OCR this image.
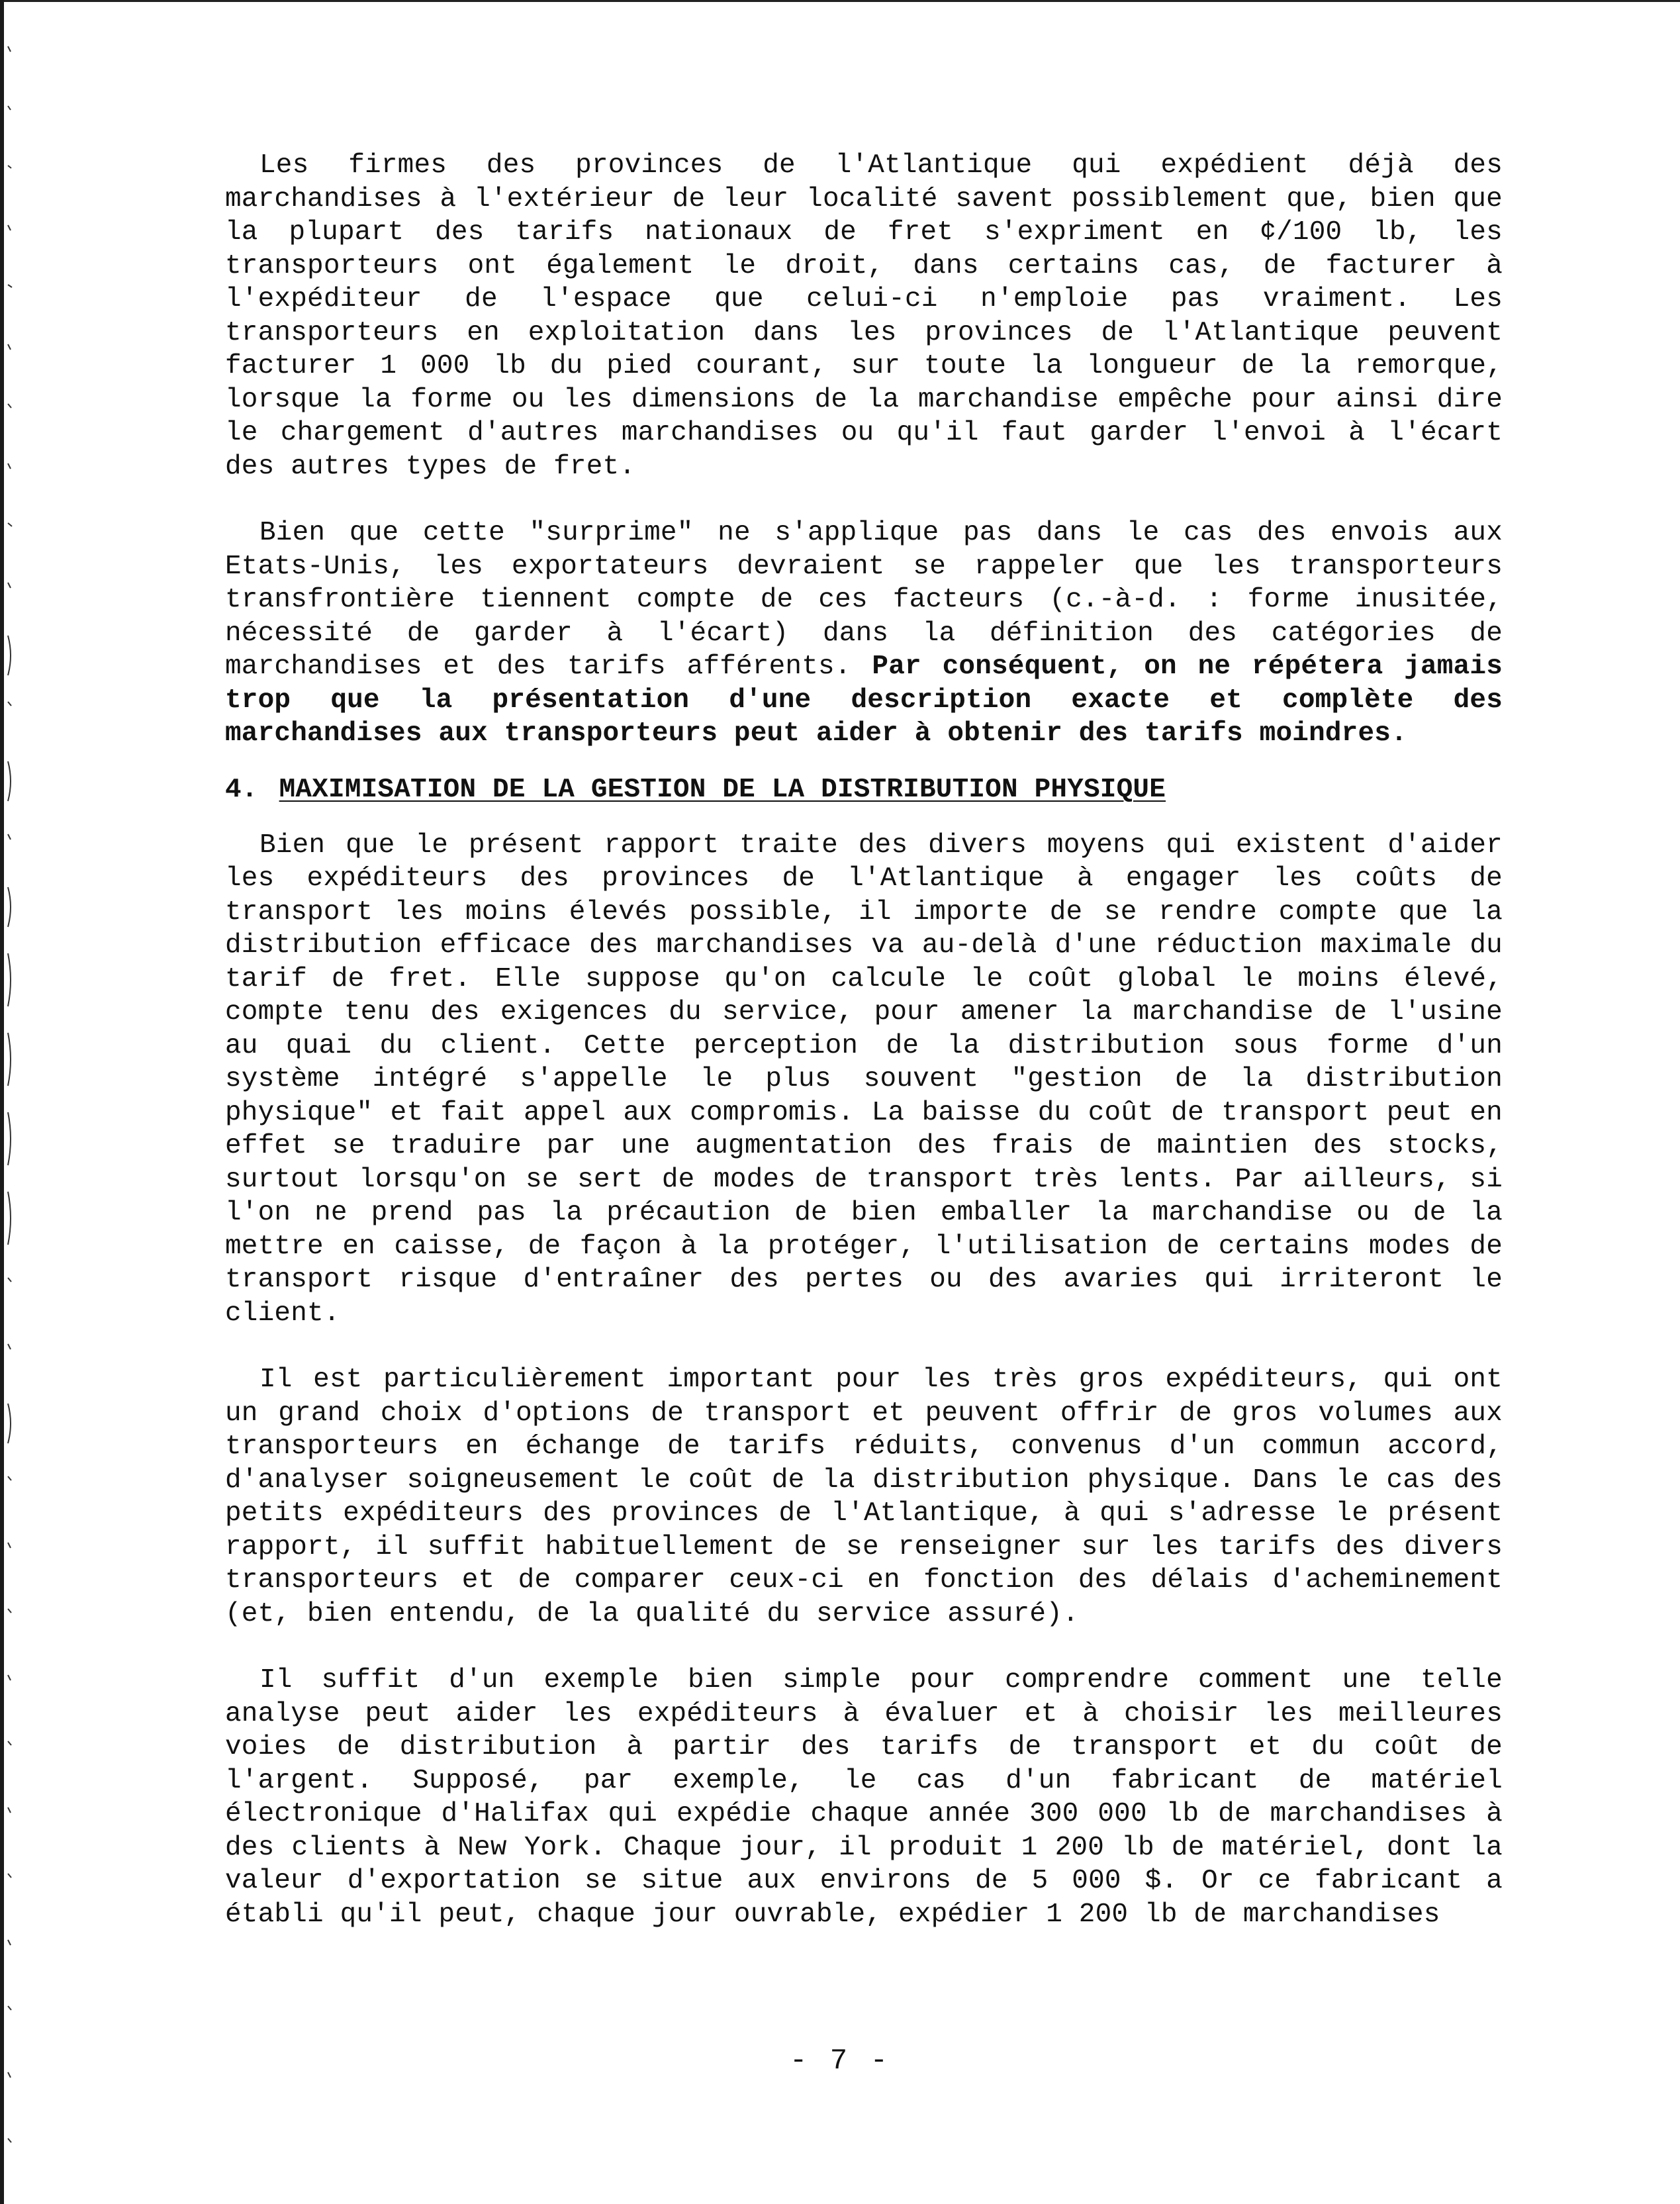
Les firmes des provinces de l'Atlantique qui expédient déjà des marchandises à l'extérieur de leur localité savent possiblement que, bien que la plupart des tarifs nationaux de fret s'expriment en ¢/100 lb, les transporteurs ont également le droit, dans certains cas, de facturer à l'expéditeur de l'espace que celui-ci n'emploie pas vraiment. Les transporteurs en exploitation dans les provinces de l'Atlantique peuvent facturer 1 000 lb du pied courant, sur toute la longueur de la remorque, lorsque la forme ou les dimensions de la marchandise empêche pour ainsi dire le chargement d'autres marchandises ou qu'il faut garder l'envoi à l'écart des autres types de fret.

Bien que cette "surprime" ne s'applique pas dans le cas des envois aux Etats-Unis, les exportateurs devraient se rappeler que les transporteurs transfrontière tiennent compte de ces facteurs (c.-à-d. : forme inusitée, nécessité de garder à l'écart) dans la définition des catégories de marchandises et des tarifs afférents. Par conséquent, on ne répétera jamais trop que la présentation d'une description exacte et complète des marchandises aux transporteurs peut aider à obtenir des tarifs moindres.

4. MAXIMISATION DE LA GESTION DE LA DISTRIBUTION PHYSIQUE

Bien que le présent rapport traite des divers moyens qui existent d'aider les expéditeurs des provinces de l'Atlantique à engager les coûts de transport les moins élevés possible, il importe de se rendre compte que la distribution efficace des marchandises va au-delà d'une réduction maximale du tarif de fret. Elle suppose qu'on calcule le coût global le moins élevé, compte tenu des exigences du service, pour amener la marchandise de l'usine au quai du client. Cette perception de la distribution sous forme d'un système intégré s'appelle le plus souvent "gestion de la distribution physique" et fait appel aux compromis. La baisse du coût de transport peut en effet se traduire par une augmentation des frais de maintien des stocks, surtout lorsqu'on se sert de modes de transport très lents. Par ailleurs, si l'on ne prend pas la précaution de bien emballer la marchandise ou de la mettre en caisse, de façon à la protéger, l'utilisation de certains modes de transport risque d'entraîner des pertes ou des avaries qui irriteront le client.

Il est particulièrement important pour les très gros expéditeurs, qui ont un grand choix d'options de transport et peuvent offrir de gros volumes aux transporteurs en échange de tarifs réduits, convenus d'un commun accord, d'analyser soigneusement le coût de la distribution physique. Dans le cas des petits expéditeurs des provinces de l'Atlantique, à qui s'adresse le présent rapport, il suffit habituellement de se renseigner sur les tarifs des divers transporteurs et de comparer ceux-ci en fonction des délais d'acheminement (et, bien entendu, de la qualité du service assuré).

Il suffit d'un exemple bien simple pour comprendre comment une telle analyse peut aider les expéditeurs à évaluer et à choisir les meilleures voies de distribution à partir des tarifs de transport et du coût de l'argent. Supposé, par exemple, le cas d'un fabricant de matériel électronique d'Halifax qui expédie chaque année 300 000 lb de marchandises à des clients à New York. Chaque jour, il produit 1 200 lb de matériel, dont la valeur d'exportation se situe aux environs de 5 000 $. Or ce fabricant a établi qu'il peut, chaque jour ouvrable, expédier 1 200 lb de marchandises

- 7 -
